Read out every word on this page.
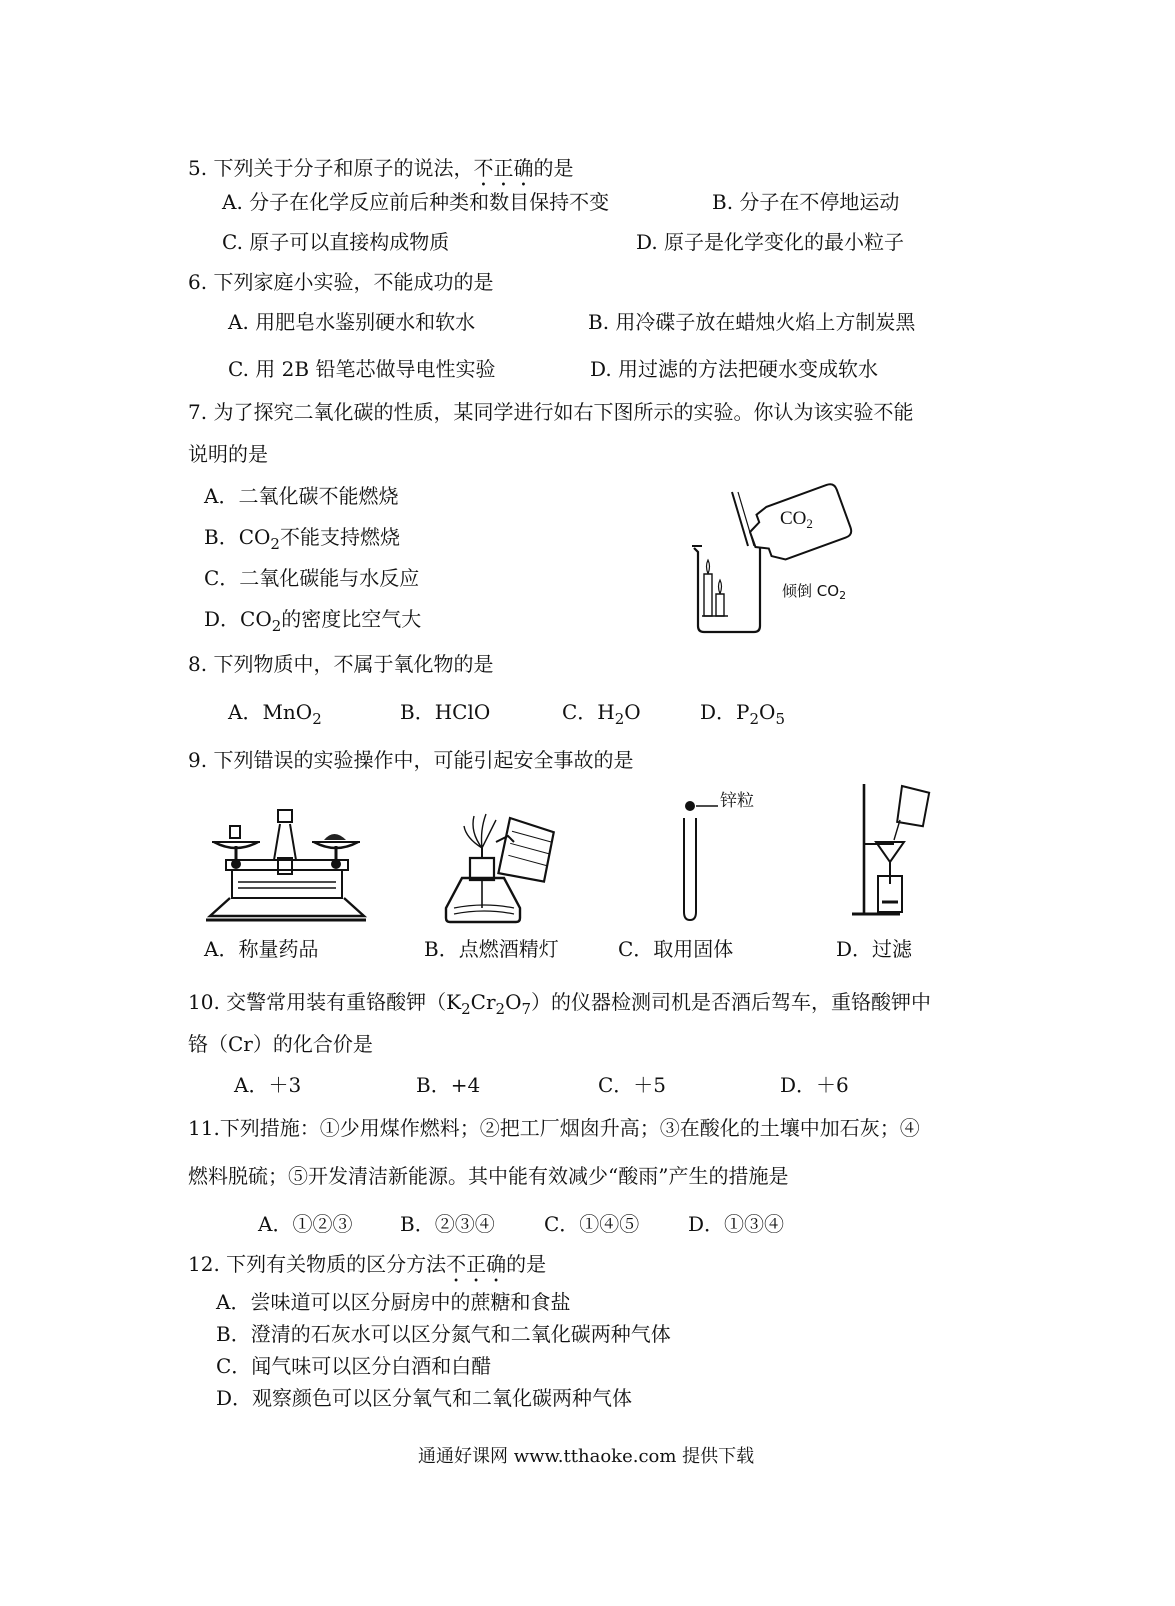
5. 下列关于分子和原子的说法，不正确的是
A. 分子在化学反应前后种类和数目保持不变	B. 分子在不停地运动
C. 原子可以直接构成物质	D. 原子是化学变化的最小粒子
6. 下列家庭小实验，不能成功的是
A. 用肥皂水鉴别硬水和软水	B. 用冷碟子放在蜡烛火焰上方制炭黑
C. 用 2B 铅笔芯做导电性实验	D. 用过滤的方法把硬水变成软水
7. 为了探究二氧化碳的性质，某同学进行如右下图所示的实验。你认为该实验不能
说明的是
A．二氧化碳不能燃烧
B．$CO_2$不能支持燃烧
C．二氧化碳能与水反应
D．$CO_2$的密度比空气大
$CO_2$
倾倒 $CO_2$
8. 下列物质中，不属于氧化物的是
A．MnO$_2$	B．HClO	C．$H_2O$	D．$P_2O_5$
9. 下列错误的实验操作中，可能引起安全事故的是
锌粒
A．称量药品	B．点燃酒精灯	C．取用固体	D．过滤
10. 交警常用装有重铬酸钾$(K_2Cr_2O_7)$的仪器检测司机是否酒后驾车，重铬酸钾中
铬（Cr）的化合价是
A．＋3	B．+4	C．＋5	D．＋6
11.下列措施：①少用煤作燃料；②把工厂烟囱升高；③在酸化的土壤中加石灰；④
燃料脱硫；⑤开发清洁新能源。其中能有效减少“酸雨”产生的措施是
A．①②③ B．②③④ C．①④⑤ D．①③④
12. 下列有关物质的区分方法不正确的是
A．尝味道可以区分厨房中的蔗糖和食盐
B．澄清的石灰水可以区分氮气和二氧化碳两种气体
C．闻气味可以区分白酒和白醋
D．观察颜色可以区分氧气和二氧化碳两种气体
通通好课网 www.tthaoke.com 提供下载
